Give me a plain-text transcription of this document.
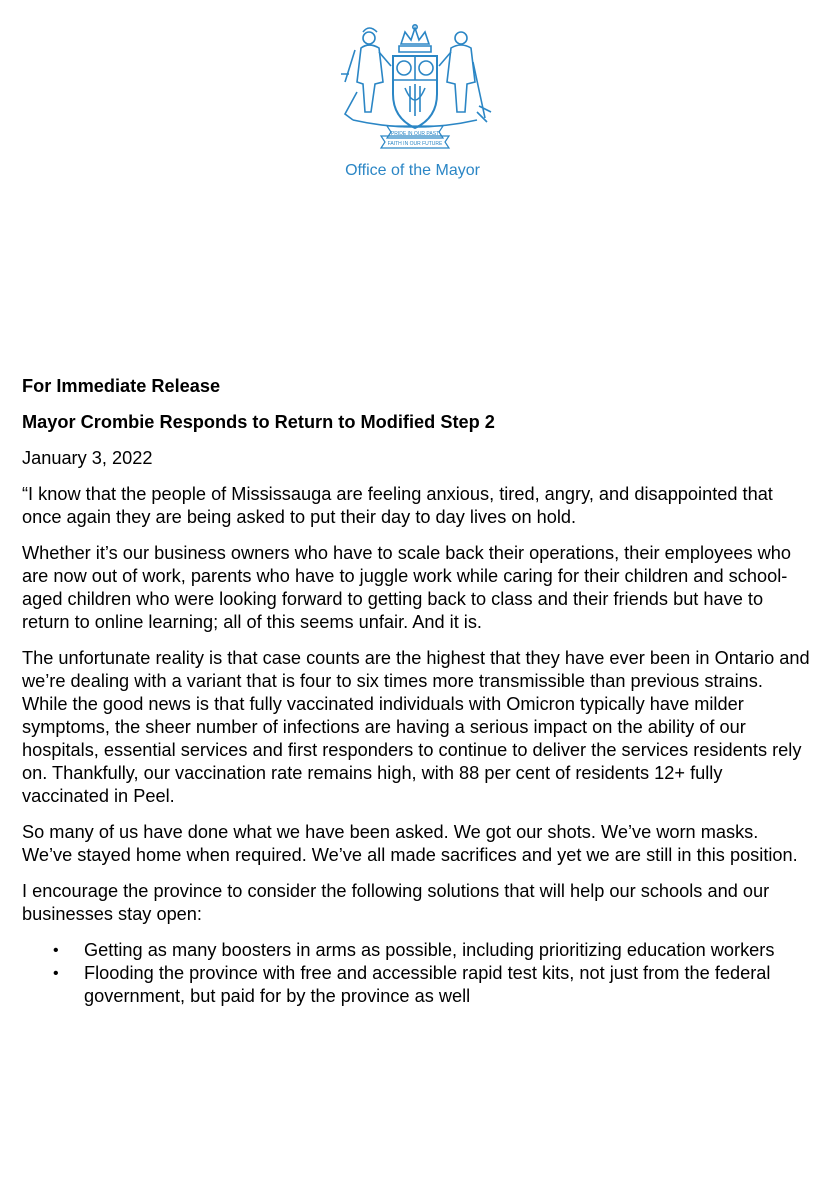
PRIDE IN OUR PAST
FAITH IN OUR FUTURE
Office of the Mayor

For Immediate Release

Mayor Crombie Responds to Return to Modified Step 2

January 3, 2022

“I know that the people of Mississauga are feeling anxious, tired, angry, and disappointed that once again they are being asked to put their day to day lives on hold.

Whether it’s our business owners who have to scale back their operations, their employees who are now out of work, parents who have to juggle work while caring for their children and school-aged children who were looking forward to getting back to class and their friends but have to return to online learning; all of this seems unfair. And it is.

The unfortunate reality is that case counts are the highest that they have ever been in Ontario and we’re dealing with a variant that is four to six times more transmissible than previous strains. While the good news is that fully vaccinated individuals with Omicron typically have milder symptoms, the sheer number of infections are having a serious impact on the ability of our hospitals, essential services and first responders to continue to deliver the services residents rely on. Thankfully, our vaccination rate remains high, with 88 per cent of residents 12+ fully vaccinated in Peel.

So many of us have done what we have been asked. We got our shots. We’ve worn masks. We’ve stayed home when required. We’ve all made sacrifices and yet we are still in this position.

I encourage the province to consider the following solutions that will help our schools and our businesses stay open:

• Getting as many boosters in arms as possible, including prioritizing education workers
• Flooding the province with free and accessible rapid test kits, not just from the federal government, but paid for by the province as well
